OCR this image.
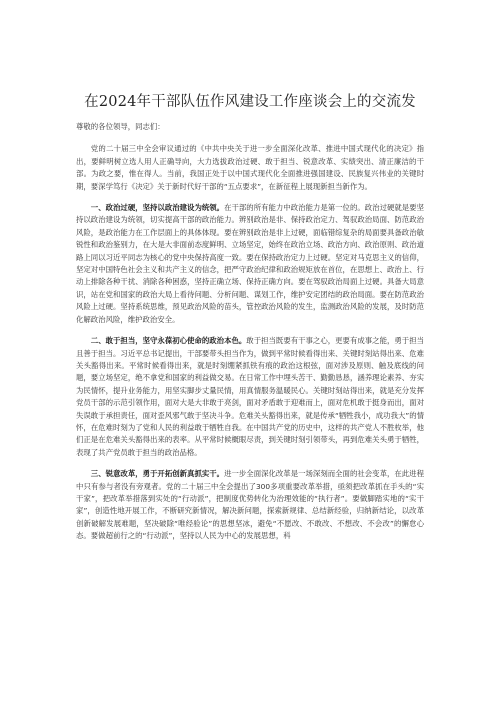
在2024年干部队伍作风建设工作座谈会上的交流发

尊敬的各位领导，同志们：

党的二十届三中全会审议通过的《中共中央关于进一步全面深化改革、推进中国式现代化的决定》指出，要鲜明树立选人用人正确导向，大力选拔政治过硬、敢于担当、锐意改革、实绩突出、清正廉洁的干部。为政之要，惟在得人。当前，我国正处于以中国式现代化全面推进强国建设、民族复兴伟业的关键时期，要深学笃行《决定》关于新时代好干部的“五点要求”，在新征程上展现新担当新作为。

一、政治过硬，坚持以政治建设为统领。在干部的所有能力中政治能力是第一位的。政治过硬就是要坚持以政治建设为统领，切实提高干部的政治能力。辨别政治是非、保持政治定力、驾驭政治局面、防范政治风险，是政治能力在工作层面上的具体体现。要在辨别政治是非上过硬，面临错综复杂的局面要具备政治敏锐性和政治鉴别力，在大是大非面前态度鲜明、立场坚定，始终在政治立场、政治方向、政治原则、政治道路上同以习近平同志为核心的党中央保持高度一致。要在保持政治定力上过硬。坚定对马克思主义的信仰，坚定对中国特色社会主义和共产主义的信念，把严守政治纪律和政治规矩放在首位，在思想上、政治上、行动上排除各种干扰、消除各种困惑，坚持正确立场、保持正确方向。要在驾驭政治局面上过硬。具备大局意识，站在党和国家的政治大局上看待问题、分析问题、谋划工作，维护安定团结的政治局面。要在防范政治风险上过硬。坚持系统思维，预见政治风险的苗头，管控政治风险的发生，监测政治风险的发展，及时防范化解政治风险，维护政治安全。

二、敢于担当，坚守永葆初心使命的政治本色。敢于担当既要有干事之心，更要有成事之能，勇于担当且善于担当。习近平总书记提出，干部要带头担当作为，做到平常时候看得出来、关键时刻站得出来、危难关头豁得出来。平常时候看得出来，就是时刻绷紧抓铁有痕的政治这根弦，面对涉及原则、触及底线的问题，要立场坚定，绝不拿党和国家的利益做交易。在日常工作中埋头苦干、勤勤恳恳，涵养理论素养、夯实为民情怀，提升业务能力，用坚实脚步丈量民情，用真情服务温暖民心。关键时刻站得出来，就是充分发挥党员干部的示范引领作用，面对大是大非敢于亮剑，面对矛盾敢于迎难而上，面对危机敢于挺身而出，面对失误敢于承担责任，面对歪风邪气敢于坚决斗争。危难关头豁得出来，就是传承“牺牲我小，成功我大”的情怀，在危难时刻为了党和人民的利益敢于牺牲自我。在中国共产党的历史中，这样的共产党人不胜枚举，他们正是在危难关头豁得出来的表率。从平常时候概眼尽责，到关键时刻引领带头，再到危难关头勇于牺牲，表现了共产党员敢于担当的政治品格。

三、锐意改革，勇于开拓创新真抓实干。进一步全面深化改革是一场深刻而全面的社会变革，在此进程中只有参与者没有旁观者。党的二十届三中全会提出了300多项重要改革举措，亟须把改革抓在手头的“实干家”，把改革举措落到实处的“行动派”，把制度优势转化为治理效能的“执行者”。要做脚踏实地的“实干家”，创造性地开展工作，不断研究新情况，解决新问题，探索新规律、总结新经验，归纳新结论，以改革创新破解发展难题，坚决破除“唯经验论”的思想坚冰，避免“不愿改、不敢改、不想改、不会改”的懈怠心态。要做超前行之的“行动派”，坚持以人民为中心的发展思想，科
